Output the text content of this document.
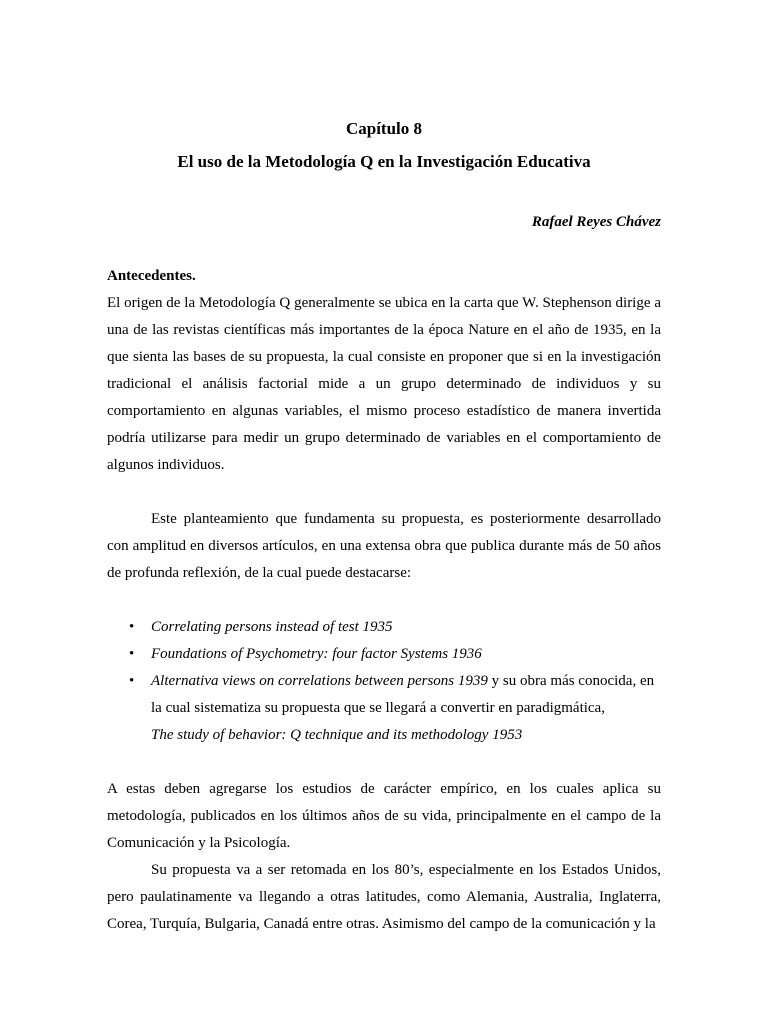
Capítulo 8
El uso de la Metodología Q en la Investigación Educativa
Rafael Reyes Chávez
Antecedentes.

El origen de la Metodología Q generalmente se ubica en la carta que W. Stephenson dirige a una de las revistas científicas más importantes de la época Nature en el año de 1935, en la que sienta las bases de su propuesta, la cual consiste en proponer que si en la investigación tradicional el análisis factorial mide a un grupo determinado de individuos y su comportamiento en algunas variables, el mismo proceso estadístico de manera invertida podría utilizarse para medir un grupo determinado de variables en el comportamiento de algunos individuos.

Este planteamiento que fundamenta su propuesta, es posteriormente desarrollado con amplitud en diversos artículos, en una extensa obra que publica durante más de 50 años de profunda reflexión, de la cual puede destacarse:

• Correlating persons instead of test 1935
• Foundations of Psychometry: four factor Systems 1936
• Alternativa views on correlations between persons 1939 y su obra más conocida, en la cual sistematiza su propuesta que se llegará a convertir en paradigmática,
The study of behavior: Q technique and its methodology 1953

A estas deben agregarse los estudios de carácter empírico, en los cuales aplica su metodología, publicados en los últimos años de su vida, principalmente en el campo de la Comunicación y la Psicología.

Su propuesta va a ser retomada en los 80’s, especialmente en los Estados Unidos, pero paulatinamente va llegando a otras latitudes, como Alemania, Australia, Inglaterra, Corea, Turquía, Bulgaria, Canadá entre otras. Asimismo del campo de la comunicación y la
